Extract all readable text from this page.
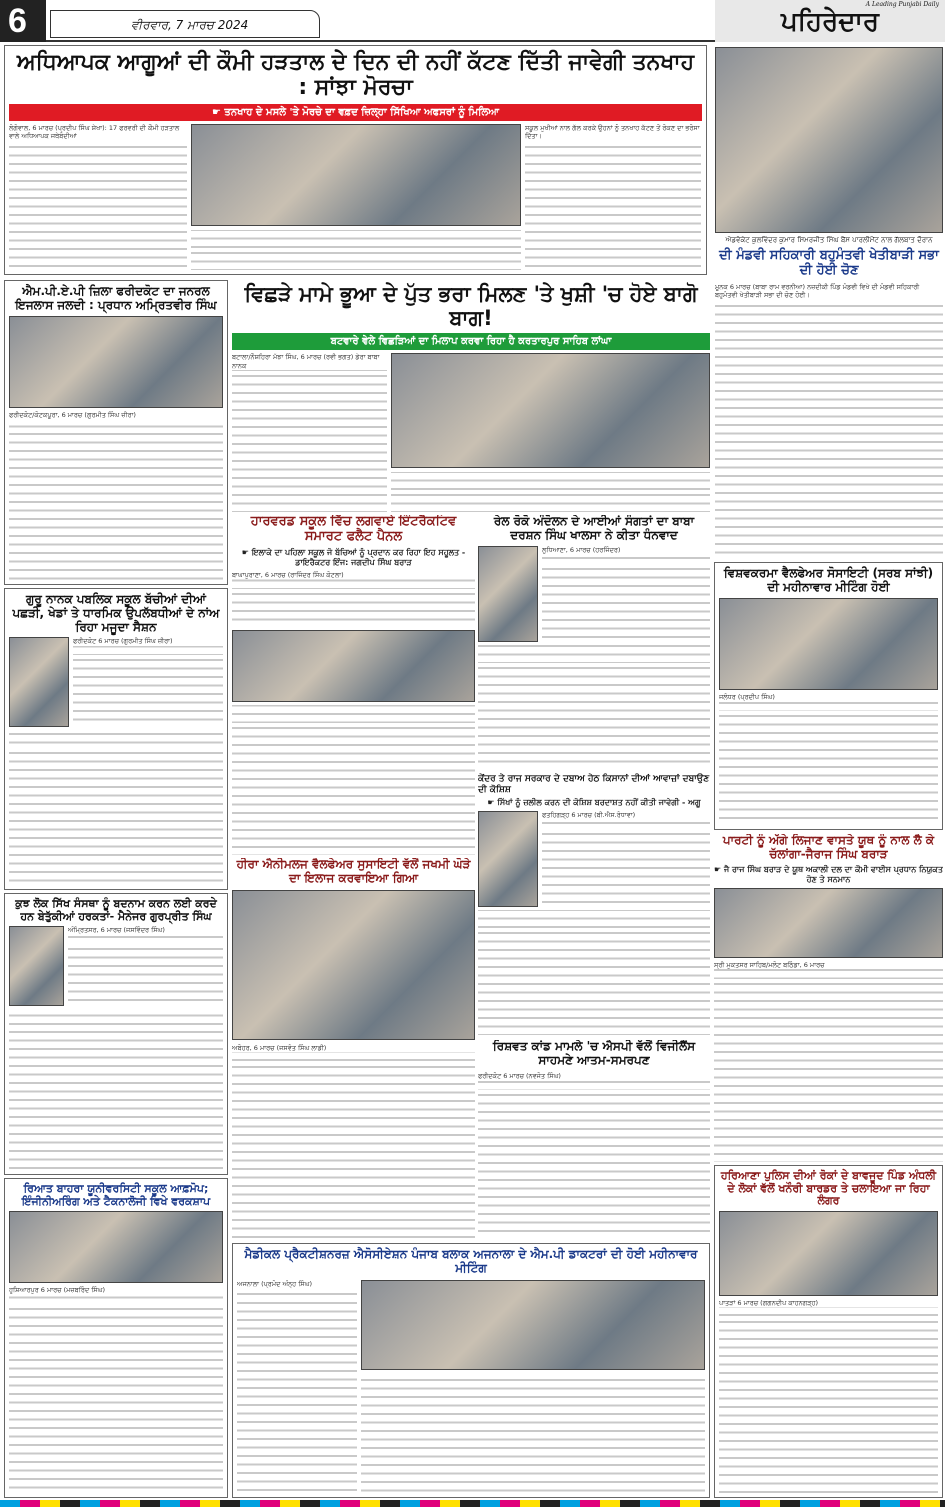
6	ਵੀਰਵਾਰ, 7 ਮਾਰਚ 2024	ਪਹਿਰੇਦਾਰ
A Leading Punjabi Daily
ਅਧਿਆਪਕ ਆਗੂਆਂ ਦੀ ਕੌਮੀ ਹੜਤਾਲ ਦੇ ਦਿਨ ਦੀ ਨਹੀਂ ਕੱਟਣ ਦਿੱਤੀ ਜਾਵੇਗੀ ਤਨਖਾਹ : ਸਾਂਝਾ ਮੋਰਚਾ
☛ ਤਨਖਾਹ ਦੇ ਮਸਲੇ 'ਤੇ ਮੋਰਚੇ ਦਾ ਵਫ਼ਦ ਜ਼ਿਲ੍ਹਾ ਸਿੱਖਿਆ ਅਫਸਰਾਂ ਨੂੰ ਮਿਲਿਆ
ਲੋਗੋਵਾਲ, 6 ਮਾਰਚ (ਪ੍ਰਦੀਪ ਸਿੰਘ ਸ਼ੇਖਾ): 17 ਫਰਵਰੀ ਦੀ ਕੌਮੀ ਹੜਤਾਲ ਵਾਲੇ ਅਧਿਆਪਕ ਜਥੇਬੰਦੀਆਂ
ਸਕੂਲ ਮੁਖੀਆਂ ਨਾਲ ਗੱਲ ਕਰਕੇ ਉਹਨਾਂ ਨੂੰ ਤਨਖਾਹ ਕੱਟਣ ਤੋਂ ਰੋਕਣ ਦਾ ਭਰੋਸਾ ਦਿੱਤਾ।
ਐਡਵੋਕੇਟ ਕੁਲਵਿੰਦਰ ਕੁਮਾਰ ਸਿਮਰਜੀਤ ਸਿੰਘ ਬੈਂਸ ਪਾਰਲੀਮੈਂਟ ਨਾਲ ਗੱਲਬਾਤ ਦੌਰਾਨ
ਦੀ ਮੰਡਵੀ ਸਹਿਕਾਰੀ ਬਹੁਮੰਤਵੀ ਖੇਤੀਬਾੜੀ ਸਭਾ ਦੀ ਹੋਈ ਚੋਣ
ਮੂਨਕ 6 ਮਾਰਚ (ਬਾਬਾ ਰਾਮ ਵਰਨੀਆ) ਨਜ਼ਦੀਕੀ ਪਿੰਡ ਮੰਡਵੀ ਵਿਖੇ ਦੀ ਮੰਡਵੀ ਸਹਿਕਾਰੀ ਬਹੁਮੰਤਵੀ ਖੇਤੀਬਾੜੀ ਸਭਾ ਦੀ ਚੋਣ ਹੋਈ।
ਐਮ.ਪੀ.ਏ.ਪੀ ਜ਼ਿਲਾ ਫਰੀਦਕੋਟ ਦਾ ਜਨਰਲ ਇਜਲਾਸ ਜਲਦੀ : ਪ੍ਰਧਾਨ ਅਮ੍ਰਿਤਵੀਰ ਸਿੰਘ
ਫਰੀਦਕੋਟ/ਕੋਟਕਪੂਰਾ, 6 ਮਾਰਚ (ਗੁਰਮੀਤ ਸਿੰਘ ਜ਼ੀਰਾ)
ਗੁਰੂ ਨਾਨਕ ਪਬਲਿਕ ਸਕੂਲ ਬੱਚੀਆਂ ਦੀਆਂ ਪਛੜੀ, ਖੇਡਾਂ ਤੇ ਧਾਰਮਿਕ ਉਪਲੱਬਧੀਆਂ ਦੇ ਨਾਂਅ ਰਿਹਾ ਮਜੂਦਾ ਸੈਸ਼ਨ
ਫਰੀਦਕੋਟ 6 ਮਾਰਚ (ਗੁਰਮੀਤ ਸਿੰਘ ਜ਼ੀਰਾ)
ਕੁਝ ਲੋਕ ਸਿੱਖ ਸੰਸਥਾ ਨੂੰ ਬਦਨਾਮ ਕਰਨ ਲਈ ਕਰਦੇ ਹਨ ਬੇਤੁੱਕੀਆਂ ਹਰਕਤਾਂ- ਮੈਨੇਜਰ ਗੁਰਪ੍ਰੀਤ ਸਿੰਘ
ਅੰਮ੍ਰਿਤਸਰ, 6 ਮਾਰਚ (ਜਸਵਿੰਦਰ ਸਿੰਘ)
ਰਿਆਤ ਬਾਹਰਾ ਯੂਨੀਵਰਸਿਟੀ ਸਕੂਲ ਆਫ਼ਮੋਪ; ਇੰਜੀਨੀਅਰਿੰਗ ਅਤੇ ਟੈਕਨਾਲੋਜੀ ਵਿਖੇ ਵਰਕਸ਼ਾਪ
ਹੁਸ਼ਿਆਰਪੁਰ 6 ਮਾਰਚ (ਮਜ਼ਬਰਿੰਦ ਸਿੰਘ)
ਵਿਛੜੇ ਮਾਮੇ ਭੂਆ ਦੇ ਪੁੱਤ ਭਰਾ ਮਿਲਣ 'ਤੇ ਖੁਸ਼ੀ 'ਚ ਹੋਏ ਬਾਗੋ ਬਾਗ!
ਬਟਵਾਰੇ ਵੇਲੇ ਵਿਛੜਿਆਂ ਦਾ ਮਿਲਾਪ ਕਰਵਾ ਰਿਹਾ ਹੈ ਕਰਤਾਰਪੁਰ ਸਾਹਿਬ ਲਾਂਘਾ
ਬਟਾਲਾ/ਨੌਸ਼ਹਿਰਾ ਮੱਝਾ ਸਿੰਘ, 6 ਮਾਰਚ (ਰਵੀ ਭਗਤ) ਡੇਰਾ ਬਾਬਾ ਨਾਨਕ
ਹਾਰਵਰਡ ਸਕੂਲ ਵਿੱਚ ਲਗਵਾਏ ਇੰਟਰੈਕਟਿਵ ਸਮਾਰਟ ਫਲੈਟ ਪੈਨਲ
☛ ਇਲਾਕੇ ਦਾ ਪਹਿਲਾ ਸਕੂਲ ਜੋ ਬੱਚਿਆਂ ਨੂੰ ਪ੍ਰਦਾਨ ਕਰ ਰਿਹਾ ਇਹ ਸਹੂਲਤ - ਡਾਇਰੈਕਟਰ ਇੰਜ: ਜਗਦੀਪ ਸਿੰਘ ਬਰਾੜ
ਬਾਘਾਪੁਰਾਣਾ, 6 ਮਾਰਚ (ਰਾਜਿੰਦਰ ਸਿੰਘ ਕੋਟਲਾ)
ਰੇਲ ਰੋਕੋ ਅੰਦੋਲਨ ਦੇ ਆਈਆਂ ਸੰਗਤਾਂ ਦਾ ਬਾਬਾ ਦਰਸ਼ਨ ਸਿੰਘ ਖਾਲਸਾ ਨੇ ਕੀਤਾ ਧੰਨਵਾਦ
ਲੁਧਿਆਣਾ, 6 ਮਾਰਚ (ਹਰਜਿੰਦਰ)
ਕੇਂਦਰ ਤੇ ਰਾਜ ਸਰਕਾਰ ਦੇ ਦਬਾਅ ਹੇਠ ਕਿਸਾਨਾਂ ਦੀਆਂ ਆਵਾਜ਼ਾਂ ਦਬਾਉਣ ਦੀ ਕੋਸ਼ਿਸ਼
☛ ਸਿੱਖਾਂ ਨੂੰ ਜ਼ਲੀਲ ਕਰਨ ਦੀ ਕੋਸ਼ਿਸ਼ ਬਰਦਾਸ਼ਤ ਨਹੀਂ ਕੀਤੀ ਜਾਵੇਗੀ - ਅਗੂ
ਫਤਹਿਗੜ੍ਹ 6 ਮਾਰਚ (ਬੀ.ਐਸ.ਰੰਧਾਵਾ)
ਹੀਰਾ ਐਨੀਮਲਜ ਵੈਲਫੇਅਰ ਸੁਸਾਇਟੀ ਵੱਲੋਂ ਜਖਮੀ ਘੋੜੇ ਦਾ ਇਲਾਜ ਕਰਵਾਇਆ ਗਿਆ
ਅਬੋਹਰ, 6 ਮਾਰਚ (ਜਸਵੰਤ ਸਿੰਘ ਲਾਡੀ)	ਰਿਸ਼ਵਤ ਕਾਂਡ ਮਾਮਲੇ 'ਚ ਐਸਪੀ ਵੱਲੋਂ ਵਿਜੀਲੈਂਸ ਸਾਹਮਣੇ ਆਤਮ-ਸਮਰਪਣ
ਫਰੀਦਕੋਟ 6 ਮਾਰਚ (ਨਵਜੋਤ ਸਿੰਘ)
ਮੈਡੀਕਲ ਪ੍ਰੈਕਟੀਸ਼ਨਰਜ਼ ਐਸੋਸੀਏਸ਼ਨ ਪੰਜਾਬ ਬਲਾਕ ਅਜਨਾਲਾ ਦੇ ਐਮ.ਪੀ ਡਾਕਟਰਾਂ ਦੀ ਹੋਈ ਮਹੀਨਾਵਾਰ ਮੀਟਿੰਗ
ਅਜਨਾਲਾ (ਪ੍ਰਮੋਦ ਅੰਨ੍ਹ ਸਿੰਘ)
ਵਿਸ਼ਵਕਰਮਾ ਵੈਲਫੇਅਰ ਸੋਸਾਇਟੀ (ਸਰਬ ਸਾਂਝੀ) ਦੀ ਮਹੀਨਾਵਾਰ ਮੀਟਿੰਗ ਹੋਈ
ਜਲੰਧਰ (ਪ੍ਰਦੀਪ ਸਿੰਘ)
ਪਾਰਟੀ ਨੂੰ ਅੱਗੇ ਲਿਜਾਣ ਵਾਸਤੇ ਯੂਥ ਨੂੰ ਨਾਲ ਲੈ ਕੇ ਚੱਲਾਂਗਾ-ਜੈਰਾਜ ਸਿੰਘ ਬਰਾੜ
☛ ਜੈ ਰਾਜ ਸਿੰਘ ਬਰਾੜ ਦੇ ਯੂਥ ਅਕਾਲੀ ਦਲ ਦਾ ਕੌਮੀ ਵਾਈਸ ਪ੍ਰਧਾਨ ਨਿਯੁਕਤ ਹੋਣ ਤੇ ਸਨਮਾਨ
ਸ੍ਰੀ ਮੁਕਤਸਰ ਸਾਹਿਬ/ਮਲੋਟ ਬਠਿੰਡਾ, 6 ਮਾਰਚ
ਹਰਿਆਣਾ ਪੁਲਿਸ ਦੀਆਂ ਰੋਕਾਂ ਦੇ ਬਾਵਜੂਦ ਪਿੰਡ ਅੰਧਲੀ ਦੇ ਲੋਕਾਂ ਵੱਲੋਂ ਖਨੌਰੀ ਬਾਰਡਰ ਤੇ ਚਲਾਇਆ ਜਾ ਰਿਹਾ ਲੰਗਰ
ਪਾਤੜਾਂ 6 ਮਾਰਚ (ਗਗਨਦੀਪ ਕਾਹਨਗੜ੍ਹ)
